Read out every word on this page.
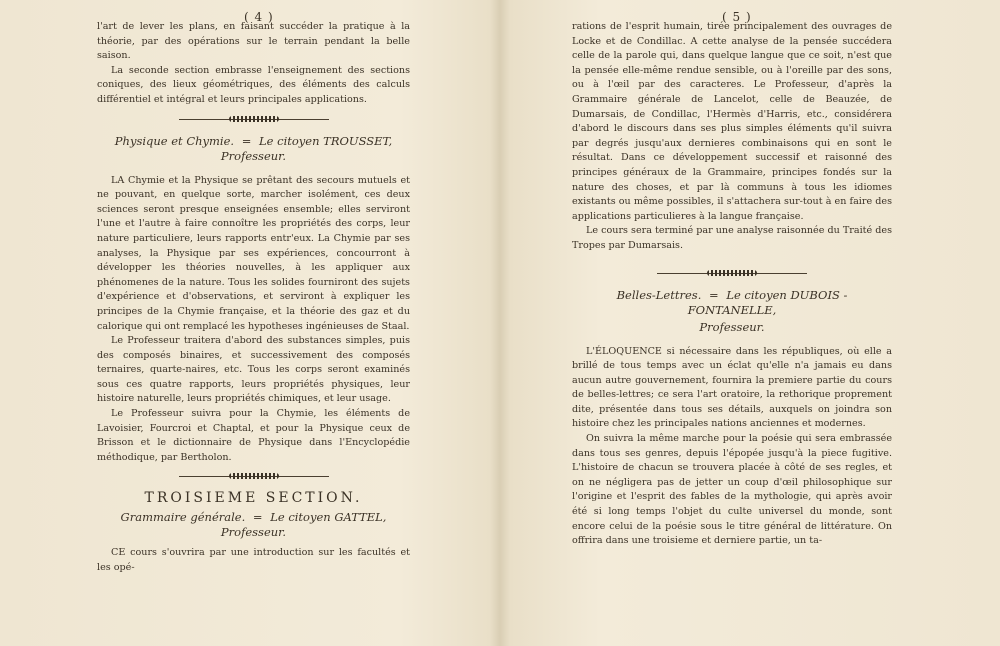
( 4 )

l'art de lever les plans, en faisant succéder la pratique à la théorie, par des opérations sur le terrain pendant la belle saison.

La seconde section embrasse l'enseignement des sections coniques, des lieux géométriques, des éléments des calculs différentiel et intégral et leurs principales applications.

Physique et Chymie. = Le citoyen TROUSSET, Professeur.

LA Chymie et la Physique se prêtant des secours mutuels et ne pouvant, en quelque sorte, marcher isolément, ces deux sciences seront presque enseignées ensemble; elles serviront l'une et l'autre à faire connoître les propriétés des corps, leur nature particuliere, leurs rapports entr'eux. La Chymie par ses analyses, la Physique par ses expériences, concourront à développer les théories nouvelles, à les appliquer aux phénomenes de la nature. Tous les solides fourniront des sujets d'expérience et d'observations, et serviront à expliquer les principes de la Chymie française, et la théorie des gaz et du calorique qui ont remplacé les hypotheses ingénieuses de Staal.

Le Professeur traitera d'abord des substances simples, puis des composés binaires, et successivement des composés ternaires, quarte-naires, etc. Tous les corps seront examinés sous ces quatre rapports, leurs propriétés physiques, leur histoire naturelle, leurs propriétés chimiques, et leur usage.

Le Professeur suivra pour la Chymie, les éléments de Lavoisier, Fourcroi et Chaptal, et pour la Physique ceux de Brisson et le dictionnaire de Physique dans l'Encyclopédie méthodique, par Bertholon.

TROISIEME SECTION.
Grammaire générale. = Le citoyen GATTEL, Professeur.

CE cours s'ouvrira par une introduction sur les facultés et les opé-

( 5 )

rations de l'esprit humain, tirée principalement des ouvrages de Locke et de Condillac. A cette analyse de la pensée succédera celle de la parole qui, dans quelque langue que ce soit, n'est que la pensée elle-même rendue sensible, ou à l'oreille par des sons, ou à l'œil par des caracteres. Le Professeur, d'après la Grammaire générale de Lancelot, celle de Beauzée, de Dumarsais, de Condillac, l'Hermès d'Harris, etc., considérera d'abord le discours dans ses plus simples éléments qu'il suivra par degrés jusqu'aux dernieres combinaisons qui en sont le résultat. Dans ce développement successif et raisonné des principes généraux de la Grammaire, principes fondés sur la nature des choses, et par là communs à tous les idiomes existants ou même possibles, il s'attachera sur-tout à en faire des applications particulieres à la langue française.

Le cours sera terminé par une analyse raisonnée du Traité des Tropes par Dumarsais.

Belles-Lettres. = Le citoyen DUBOIS - FONTANELLE,
Professeur.

L'ÉLOQUENCE si nécessaire dans les républiques, où elle a brillé de tous temps avec un éclat qu'elle n'a jamais eu dans aucun autre gouvernement, fournira la premiere partie du cours de belles-lettres; ce sera l'art oratoire, la rethorique proprement dite, présentée dans tous ses détails, auxquels on joindra son histoire chez les principales nations anciennes et modernes.

On suivra la même marche pour la poésie qui sera embrassée dans tous ses genres, depuis l'épopée jusqu'à la piece fugitive. L'histoire de chacun se trouvera placée à côté de ses regles, et on ne négligera pas de jetter un coup d'œil philosophique sur l'origine et l'esprit des fables de la mythologie, qui après avoir été si long temps l'objet du culte universel du monde, sont encore celui de la poésie sous le titre général de littérature. On offrira dans une troisieme et derniere partie, un ta-
